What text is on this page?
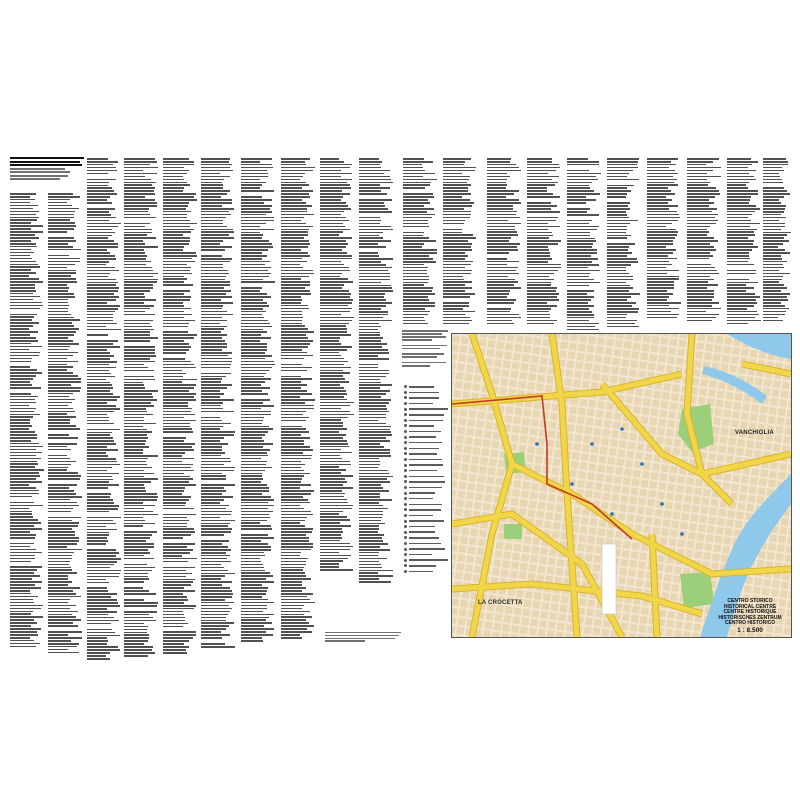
VANCHIGLIA
LA CROCETTA	CENTRO STORICO
HISTORICAL CENTRE
CENTRE HISTORIQUE
HISTORISCHES ZENTRUM
CENTRO HISTORICO
1 : 8.500
